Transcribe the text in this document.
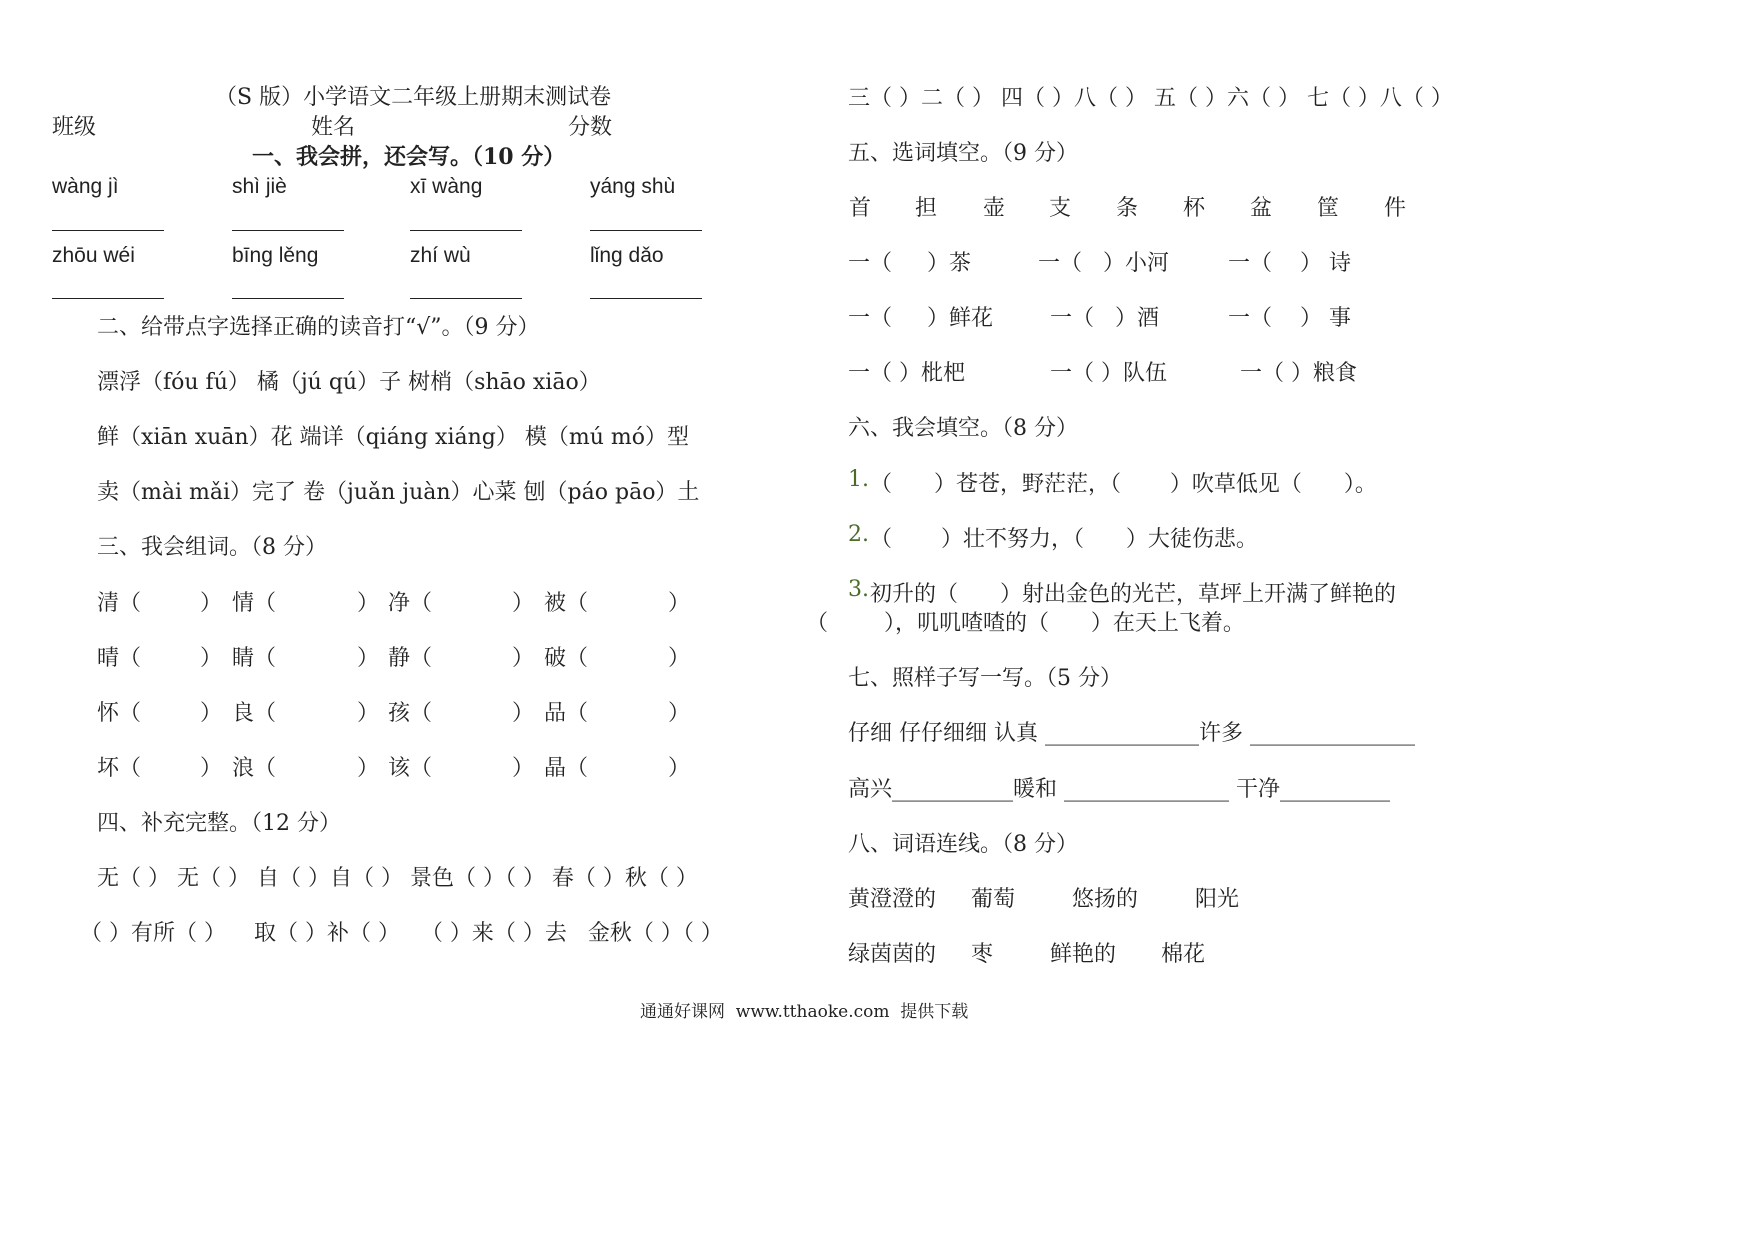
（S 版）小学语文二年级上册期末测试卷
班级	姓名	分数
一、我会拼，还会写。（10 分）
wàng jì	shì jiè	xī wàng	yáng shù
zhōu wéi	bīng lěng	zhí wù	lǐng dǎo
二、给带点字选择正确的读音打“√”。（9 分）
漂浮（fóu fú） 橘（jú qú）子 树梢（shāo xiāo）
鲜（xiān xuān）花 端详（qiáng xiáng） 模（mú mó）型
卖（mài mǎi）完了 卷（juǎn juàn）心菜 刨（páo pāo）土
三、我会组词。（8 分）
清（	） 情（	） 净（	） 被（	）
晴（	） 睛（	） 静（	） 破（	）
怀（	） 良（	） 孩（	） 品（	）
坏（	） 浪（	） 该（	） 晶（	）
四、补充完整。（12 分）
无（ ） 无（ ） 自（ ）自（ ） 景色（ ）（ ） 春（ ）秋（ ）
（ ）有所（ ）    取（ ）补（ ）   （ ）来（ ）去   金秋（ ）（ ）
三（ ）二（ ） 四（ ）八（ ） 五（ ）六（ ） 七（ ）八（ ）
五、选词填空。（9 分）
首 担 壶 支 条 杯 盆 筐 件
一（     ）茶	一（   ）小河	一（    ） 诗
一（     ）鲜花	一（   ）酒	一（    ） 事
一（ ）枇杷	一（ ）队伍	一（ ）粮食
六、我会填空。（8 分）
1. （      ）苍苍，野茫茫，（       ）吹草低见（      ）。
2. （       ）壮不努力，（      ）大徒伤悲。
3. 初升的（      ）射出金色的光芒，草坪上开满了鲜艳的
（        ），叽叽喳喳的（      ）在天上飞着。
七、照样子写一写。（5 分）
仔细 仔仔细细 认真 ______________许多 _______________
高兴___________暖和 _______________ 干净__________
八、词语连线。（8 分）
黄澄澄的 葡萄	悠扬的	阳光
绿茵茵的 枣	鲜艳的 棉花
通通好课网  www.tthaoke.com  提供下载
